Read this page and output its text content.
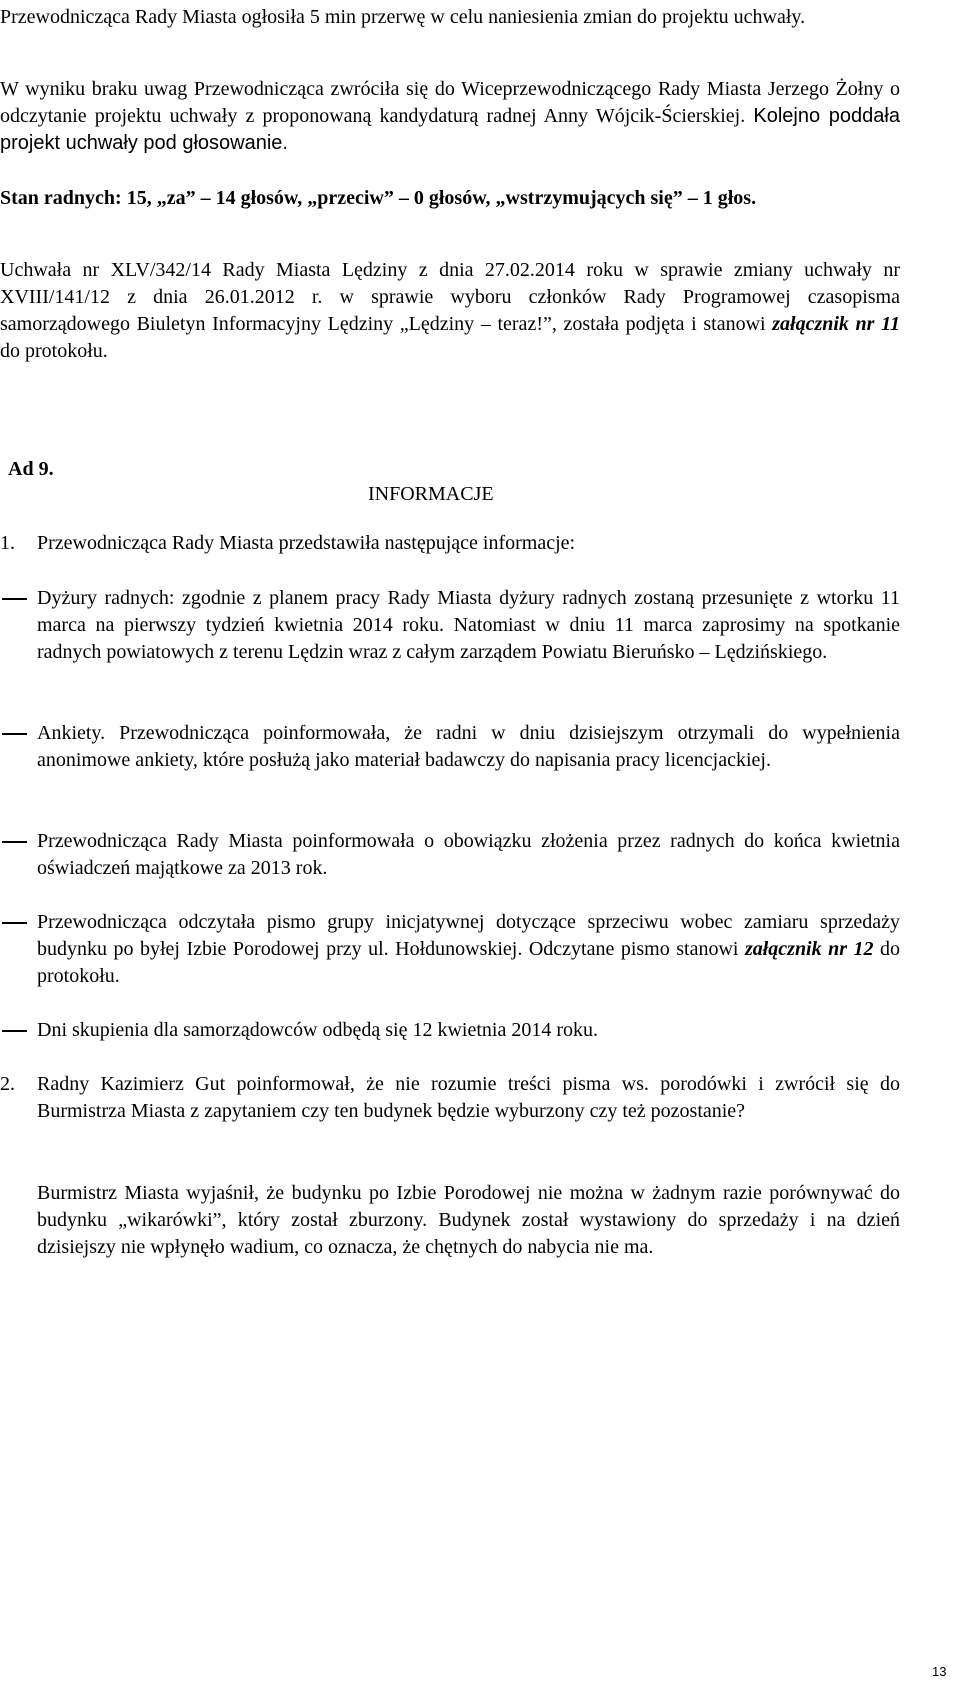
Przewodnicząca Rady Miasta ogłosiła 5 min przerwę w celu naniesienia zmian do projektu uchwały.

W wyniku braku uwag Przewodnicząca zwróciła się do Wiceprzewodniczącego Rady Miasta Jerzego Żołny o odczytanie projektu uchwały z proponowaną kandydaturą radnej Anny Wójcik-Ścierskiej. Kolejno poddała projekt uchwały pod głosowanie.

Stan radnych: 15, „za” – 14 głosów, „przeciw” – 0 głosów, „wstrzymujących się” – 1 głos.

Uchwała nr XLV/342/14 Rady Miasta Lędziny z dnia 27.02.2014 roku w sprawie zmiany uchwały nr XVIII/141/12 z dnia 26.01.2012 r. w sprawie wyboru członków Rady Programowej czasopisma samorządowego Biuletyn Informacyjny Lędziny „Lędziny – teraz!”, została podjęta i stanowi załącznik nr 11 do protokołu.

Ad 9.
INFORMACJE
1. Przewodnicząca Rady Miasta przedstawiła następujące informacje:
Dyżury radnych: zgodnie z planem pracy Rady Miasta dyżury radnych zostaną przesunięte z wtorku 11 marca na pierwszy tydzień kwietnia 2014 roku. Natomiast w dniu 11 marca zaprosimy na spotkanie radnych powiatowych z terenu Lędzin wraz z całym zarządem Powiatu Bieruńsko – Lędzińskiego.
Ankiety. Przewodnicząca poinformowała, że radni w dniu dzisiejszym otrzymali do wypełnienia anonimowe ankiety, które posłużą jako materiał badawczy do napisania pracy licencjackiej.
Przewodnicząca Rady Miasta poinformowała o obowiązku złożenia przez radnych do końca kwietnia oświadczeń majątkowe za 2013 rok.
Przewodnicząca odczytała pismo grupy inicjatywnej dotyczące sprzeciwu wobec zamiaru sprzedaży budynku po byłej Izbie Porodowej przy ul. Hołdunowskiej. Odczytane pismo stanowi załącznik nr 12 do protokołu.
Dni skupienia dla samorządowców odbędą się 12 kwietnia 2014 roku.
2. Radny Kazimierz Gut poinformował, że nie rozumie treści pisma ws. porodówki i zwrócił się do Burmistrza Miasta z zapytaniem czy ten budynek będzie wyburzony czy też pozostanie?
Burmistrz Miasta wyjaśnił, że budynku po Izbie Porodowej nie można w żadnym razie porównywać do budynku „wikarówki”, który został zburzony. Budynek został wystawiony do sprzedaży i na dzień dzisiejszy nie wpłynęło wadium, co oznacza, że chętnych do nabycia nie ma.
13
